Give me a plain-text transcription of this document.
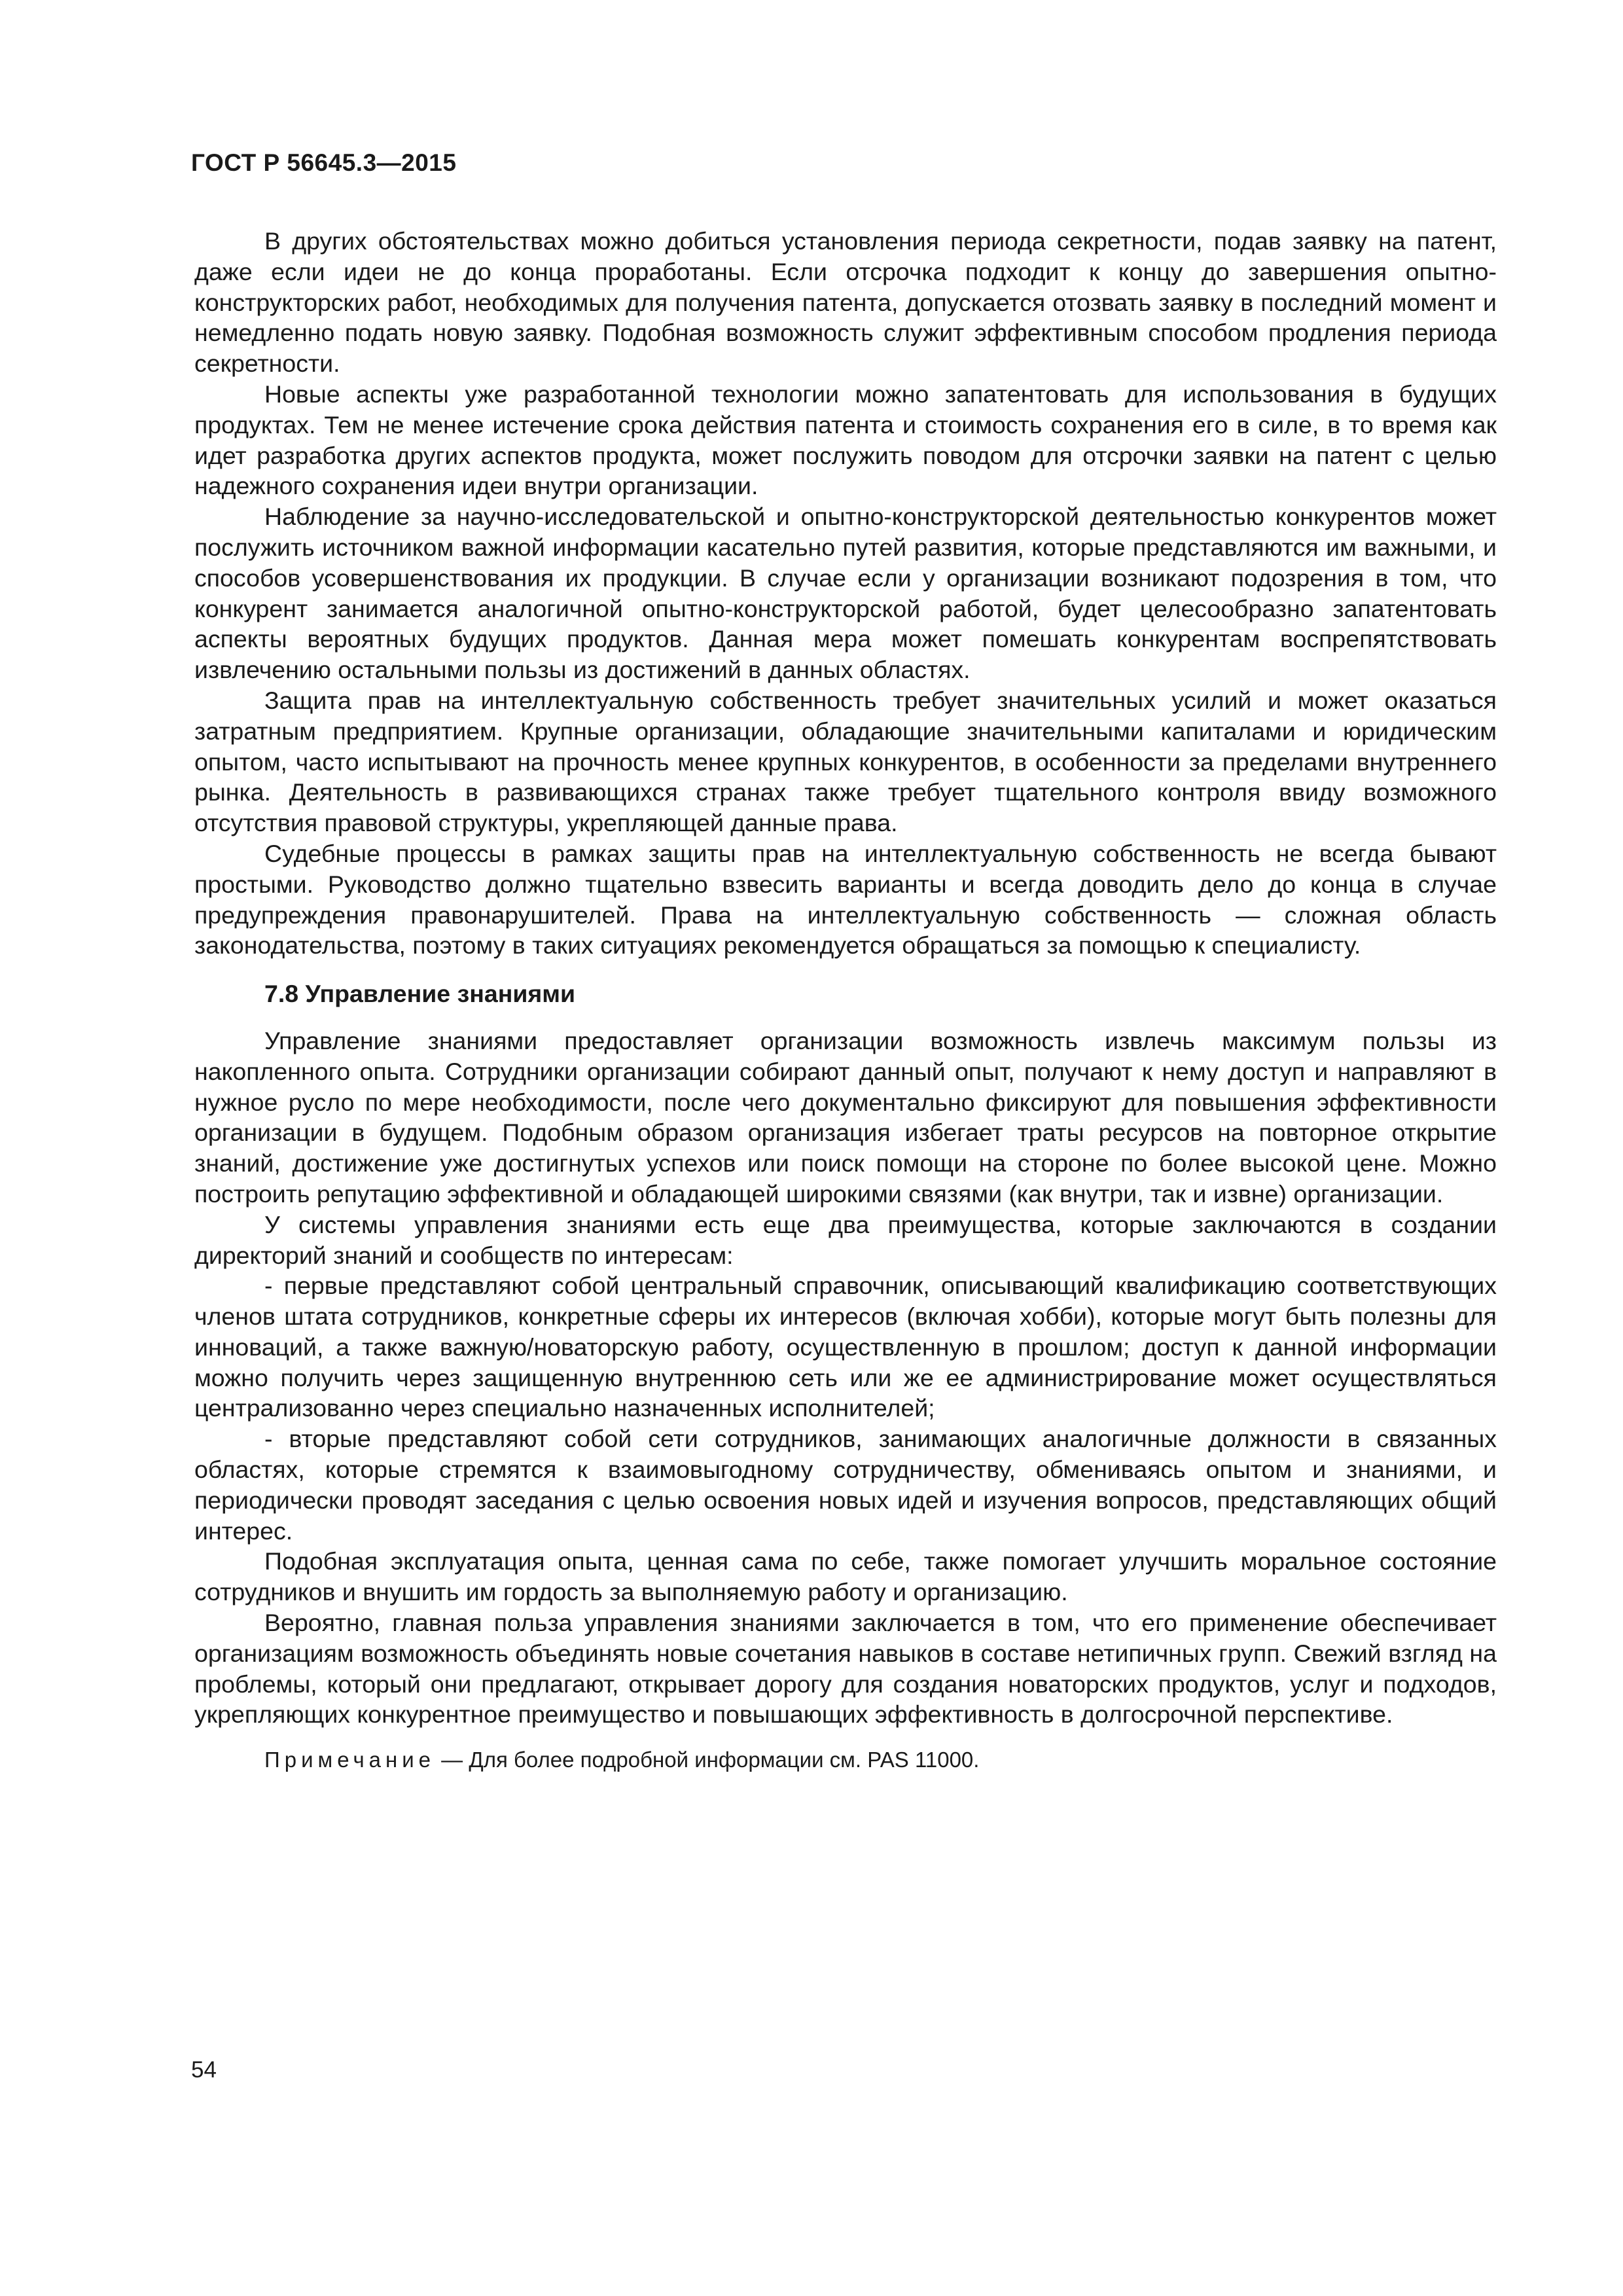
ГОСТ Р 56645.3—2015

В других обстоятельствах можно добиться установления периода секретности, подав заявку на патент, даже если идеи не до конца проработаны. Если отсрочка подходит к концу до завершения опытно-конструкторских работ, необходимых для получения патента, допускается отозвать заявку в последний момент и немедленно подать новую заявку. Подобная возможность служит эффективным способом продления периода секретности.

Новые аспекты уже разработанной технологии можно запатентовать для использования в будущих продуктах. Тем не менее истечение срока действия патента и стоимость сохранения его в силе, в то время как идет разработка других аспектов продукта, может послужить поводом для отсрочки заявки на патент с целью надежного сохранения идеи внутри организации.

Наблюдение за научно-исследовательской и опытно-конструкторской деятельностью конкурентов может послужить источником важной информации касательно путей развития, которые представляются им важными, и способов усовершенствования их продукции. В случае если у организации возникают подозрения в том, что конкурент занимается аналогичной опытно-конструкторской работой, будет целесообразно запатентовать аспекты вероятных будущих продуктов. Данная мера может помешать конкурентам воспрепятствовать извлечению остальными пользы из достижений в данных областях.

Защита прав на интеллектуальную собственность требует значительных усилий и может оказаться затратным предприятием. Крупные организации, обладающие значительными капиталами и юридическим опытом, часто испытывают на прочность менее крупных конкурентов, в особенности за пределами внутреннего рынка. Деятельность в развивающихся странах также требует тщательного контроля ввиду возможного отсутствия правовой структуры, укрепляющей данные права.

Судебные процессы в рамках защиты прав на интеллектуальную собственность не всегда бывают простыми. Руководство должно тщательно взвесить варианты и всегда доводить дело до конца в случае предупреждения правонарушителей. Права на интеллектуальную собственность — сложная область законодательства, поэтому в таких ситуациях рекомендуется обращаться за помощью к специалисту.

7.8 Управление знаниями

Управление знаниями предоставляет организации возможность извлечь максимум пользы из накопленного опыта. Сотрудники организации собирают данный опыт, получают к нему доступ и направляют в нужное русло по мере необходимости, после чего документально фиксируют для повышения эффективности организации в будущем. Подобным образом организация избегает траты ресурсов на повторное открытие знаний, достижение уже достигнутых успехов или поиск помощи на стороне по более высокой цене. Можно построить репутацию эффективной и обладающей широкими связями (как внутри, так и извне) организации.

У системы управления знаниями есть еще два преимущества, которые заключаются в создании директорий знаний и сообществ по интересам:

- первые представляют собой центральный справочник, описывающий квалификацию соответствующих членов штата сотрудников, конкретные сферы их интересов (включая хобби), которые могут быть полезны для инноваций, а также важную/новаторскую работу, осуществленную в прошлом; доступ к данной информации можно получить через защищенную внутреннюю сеть или же ее администрирование может осуществляться централизованно через специально назначенных исполнителей;

- вторые представляют собой сети сотрудников, занимающих аналогичные должности в связанных областях, которые стремятся к взаимовыгодному сотрудничеству, обмениваясь опытом и знаниями, и периодически проводят заседания с целью освоения новых идей и изучения вопросов, представляющих общий интерес.

Подобная эксплуатация опыта, ценная сама по себе, также помогает улучшить моральное состояние сотрудников и внушить им гордость за выполняемую работу и организацию.

Вероятно, главная польза управления знаниями заключается в том, что его применение обеспечивает организациям возможность объединять новые сочетания навыков в составе нетипичных групп. Свежий взгляд на проблемы, который они предлагают, открывает дорогу для создания новаторских продуктов, услуг и подходов, укрепляющих конкурентное преимущество и повышающих эффективность в долгосрочной перспективе.

Примечание — Для более подробной информации см. PAS 11000.
54
